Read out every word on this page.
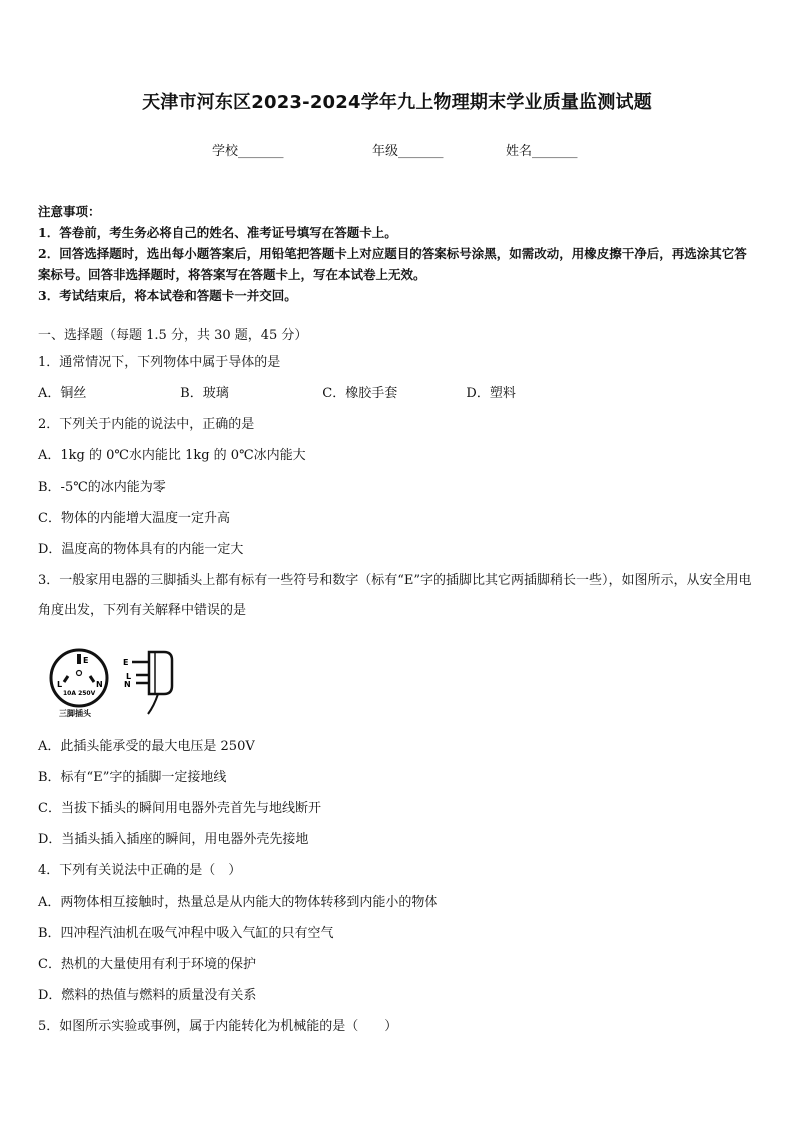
天津市河东区2023-2024学年九上物理期末学业质量监测试题
学校_______	年级_______	姓名_______
注意事项：
1．答卷前，考生务必将自己的姓名、准考证号填写在答题卡上。
2．回答选择题时，选出每小题答案后，用铅笔把答题卡上对应题目的答案标号涂黑，如需改动，用橡皮擦干净后，再选涂其它答案标号。回答非选择题时，将答案写在答题卡上，写在本试卷上无效。
3．考试结束后，将本试卷和答题卡一并交回。
一、选择题（每题 1.5 分，共 30 题，45 分）
1．通常情况下，下列物体中属于导体的是
A．铜丝	B．玻璃	C．橡胶手套	D．塑料
2．下列关于内能的说法中，正确的是
A．1kg 的 0℃水内能比 1kg 的 0℃冰内能大
B．-5℃的冰内能为零
C．物体的内能增大温度一定升高
D．温度高的物体具有的内能一定大
3．一般家用电器的三脚插头上都有标有一些符号和数字（标有“E”字的插脚比其它两插脚稍长一些），如图所示，从安全用电角度出发，下列有关解释中错误的是
E
L	N
10A 250V
E
L
N
三脚插头
A．此插头能承受的最大电压是 250V
B．标有“E”字的插脚一定接地线
C．当拔下插头的瞬间用电器外壳首先与地线断开
D．当插头插入插座的瞬间，用电器外壳先接地
4．下列有关说法中正确的是（　）
A．两物体相互接触时，热量总是从内能大的物体转移到内能小的物体
B．四冲程汽油机在吸气冲程中吸入气缸的只有空气
C．热机的大量使用有利于环境的保护
D．燃料的热值与燃料的质量没有关系
5．如图所示实验或事例，属于内能转化为机械能的是（　　）
